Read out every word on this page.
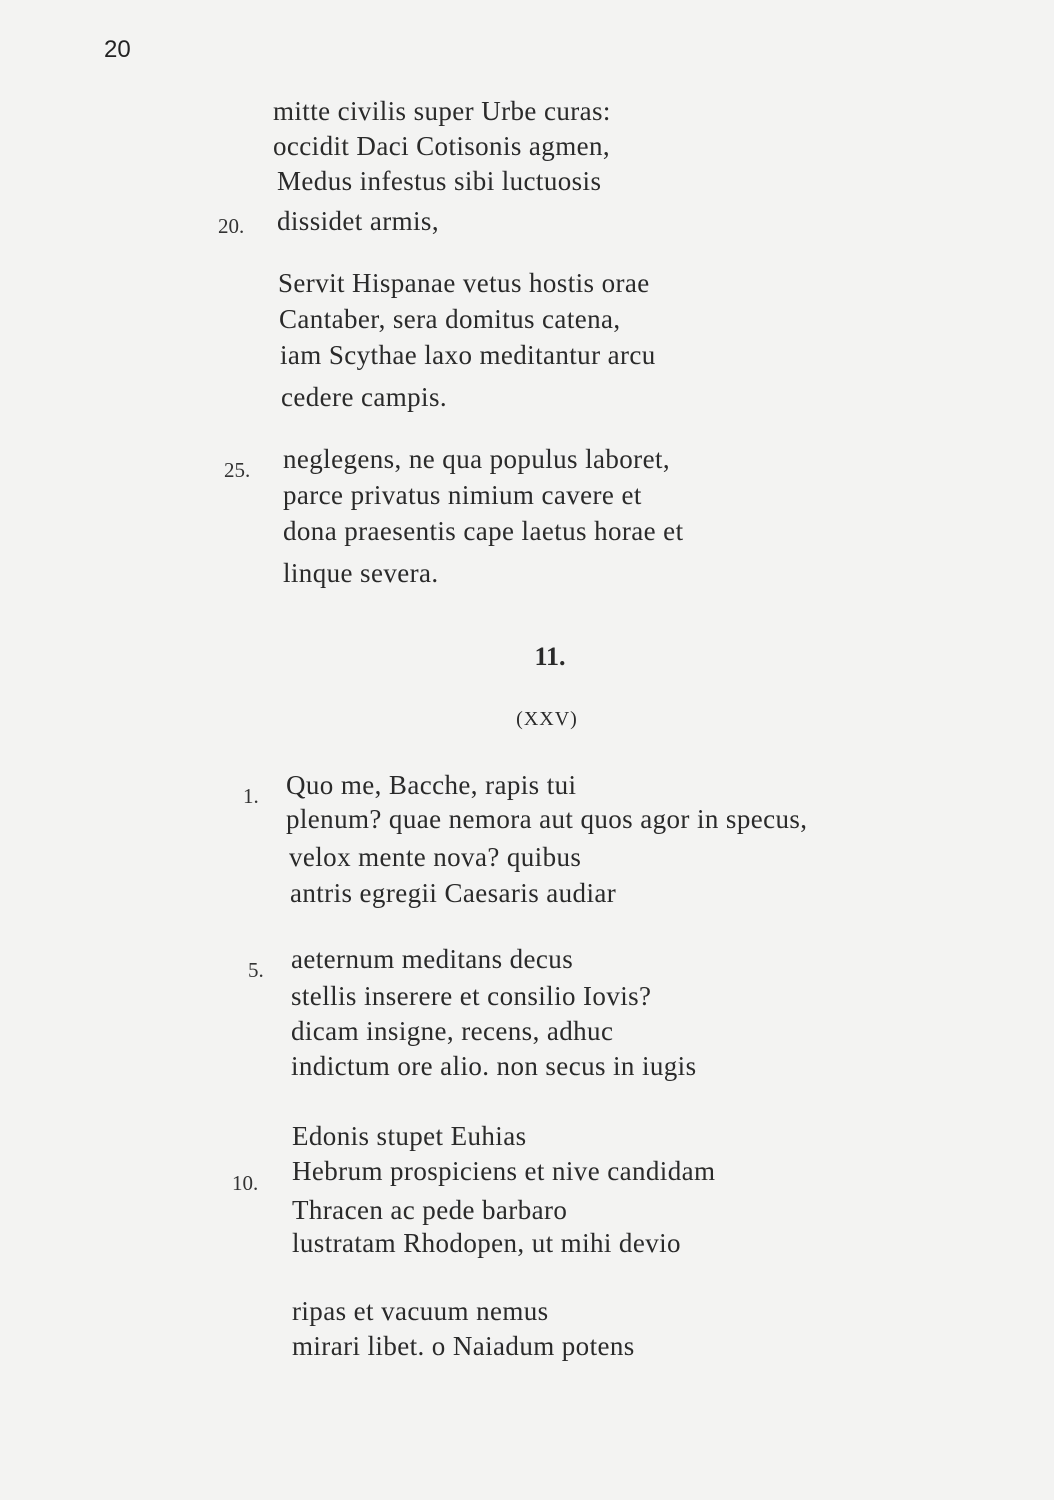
20
mitte civilis super Urbe curas:
occidit Daci Cotisonis agmen,
Medus infestus sibi luctuosis
20. dissidet armis,
Servit Hispanae vetus hostis orae
Cantaber, sera domitus catena,
iam Scythae laxo meditantur arcu
cedere campis.
25. neglegens, ne qua populus laboret,
parce privatus nimium cavere et
dona praesentis cape laetus horae et
linque severa.
11.
(XXV)
1. Quo me, Bacche, rapis tui
plenum? quae nemora aut quos agor in specus,
velox mente nova? quibus
antris egregii Caesaris audiar
5. aeternum meditans decus
stellis inserere et consilio Iovis?
dicam insigne, recens, adhuc
indictum ore alio. non secus in iugis
Edonis stupet Euhias
10. Hebrum prospiciens et nive candidam
Thracen ac pede barbaro
lustratam Rhodopen, ut mihi devio
ripas et vacuum nemus
mirari libet. o Naiadum potens
